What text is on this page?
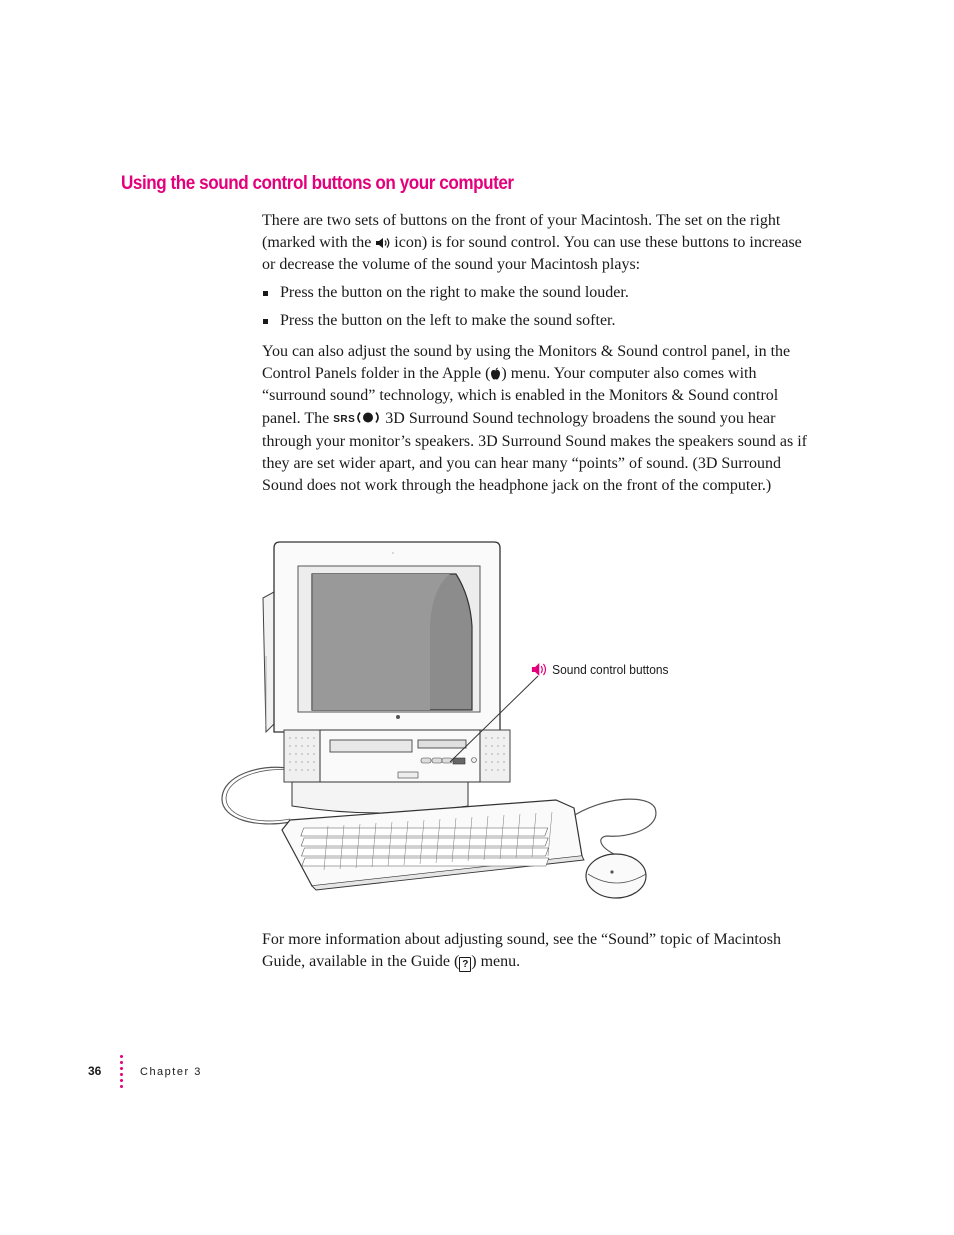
Using the sound control buttons on your computer

There are two sets of buttons on the front of your Macintosh. The set on the right (marked with the  icon) is for sound control. You can use these buttons to increase or decrease the volume of the sound your Macintosh plays:

Press the button on the right to make the sound louder.
Press the button on the left to make the sound softer.

You can also adjust the sound by using the Monitors & Sound control panel, in the Control Panels folder in the Apple ( ) menu. Your computer also comes with “surround sound” technology, which is enabled in the Monitors & Sound control panel. The SRS 3D Surround Sound technology broadens the sound you hear through your monitor’s speakers. 3D Surround Sound makes the speakers sound as if they are set wider apart, and you can hear many “points” of sound. (3D Surround Sound does not work through the headphone jack on the front of the computer.)

□
Sound control buttons

For more information about adjusting sound, see the “Sound” topic of Macintosh Guide, available in the Guide ( ? ) menu.

36	Chapter 3
